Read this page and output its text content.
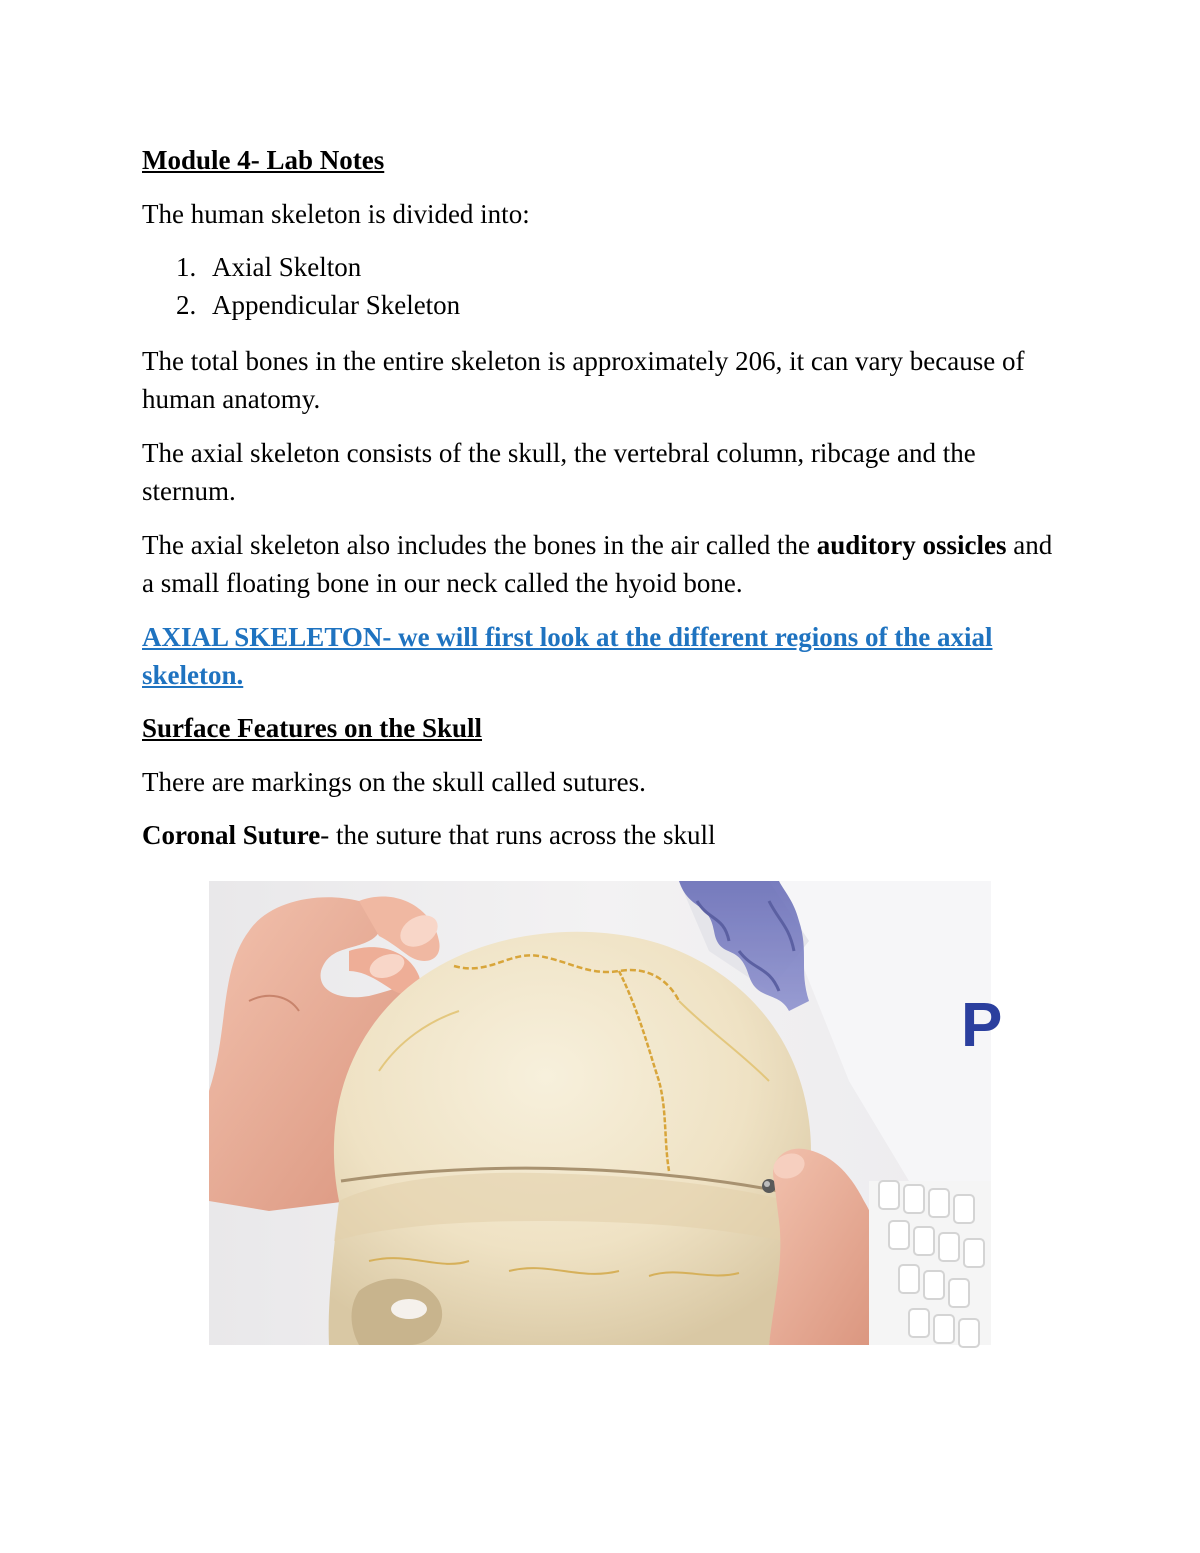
Module 4- Lab Notes

The human skeleton is divided into:

1. Axial Skelton
2. Appendicular Skeleton

The total bones in the entire skeleton is approximately 206, it can vary because of human anatomy.

The axial skeleton consists of the skull, the vertebral column, ribcage and the sternum.

The axial skeleton also includes the bones in the air called the auditory ossicles and a small floating bone in our neck called the hyoid bone.

AXIAL SKELETON- we will first look at the different regions of the axial skeleton.

Surface Features on the Skull

There are markings on the skull called sutures.

Coronal Suture- the suture that runs across the skull

P
